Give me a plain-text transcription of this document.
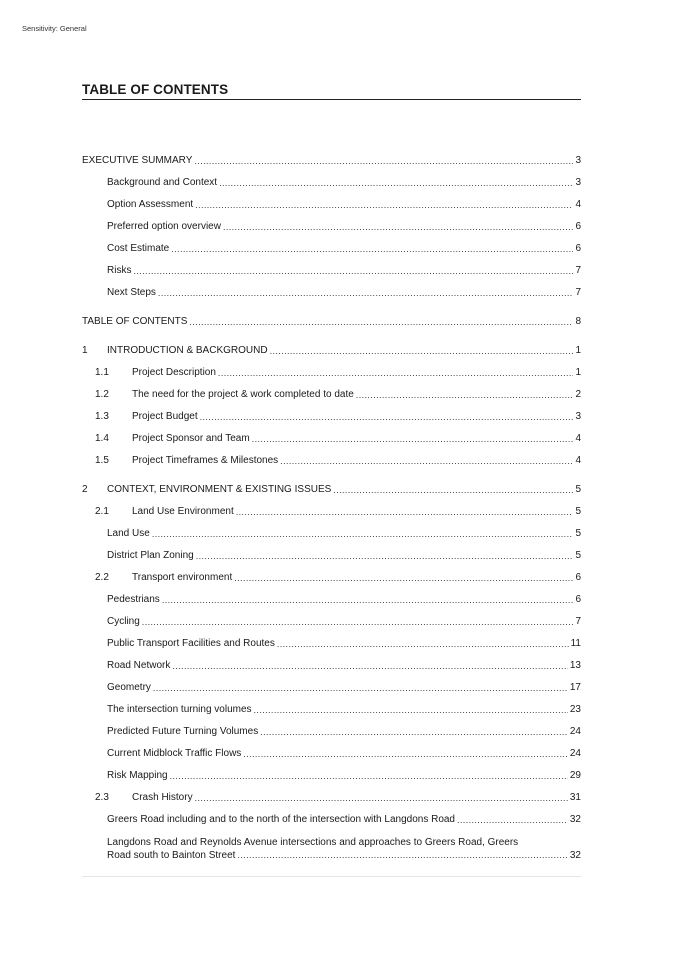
Sensitivity: General
TABLE OF CONTENTS
EXECUTIVE SUMMARY .....	3
Background and Context .....	3
Option Assessment .....	4
Preferred option overview .....	6
Cost Estimate .....	6
Risks .....	7
Next Steps .....	7
TABLE OF CONTENTS .....	8
1 INTRODUCTION & BACKGROUND .....	1
1.1 Project Description .....	1
1.2 The need for the project & work completed to date .....	2
1.3 Project Budget .....	3
1.4 Project Sponsor and Team .....	4
1.5 Project Timeframes & Milestones .....	4
2 CONTEXT, ENVIRONMENT & EXISTING ISSUES .....	5
2.1 Land Use Environment .....	5
Land Use .....	5
District Plan Zoning .....	5
2.2 Transport environment .....	6
Pedestrians .....	6
Cycling .....	7
Public Transport Facilities and Routes .....	11
Road Network .....	13
Geometry .....	17
The intersection turning volumes .....	23
Predicted Future Turning Volumes .....	24
Current Midblock Traffic Flows .....	24
Risk Mapping .....	29
2.3 Crash History .....	31
Greers Road including and to the north of the intersection with Langdons Road .....	32
Langdons Road and Reynolds Avenue intersections and approaches to Greers Road, Greers
Road south to Bainton Street .....	32
